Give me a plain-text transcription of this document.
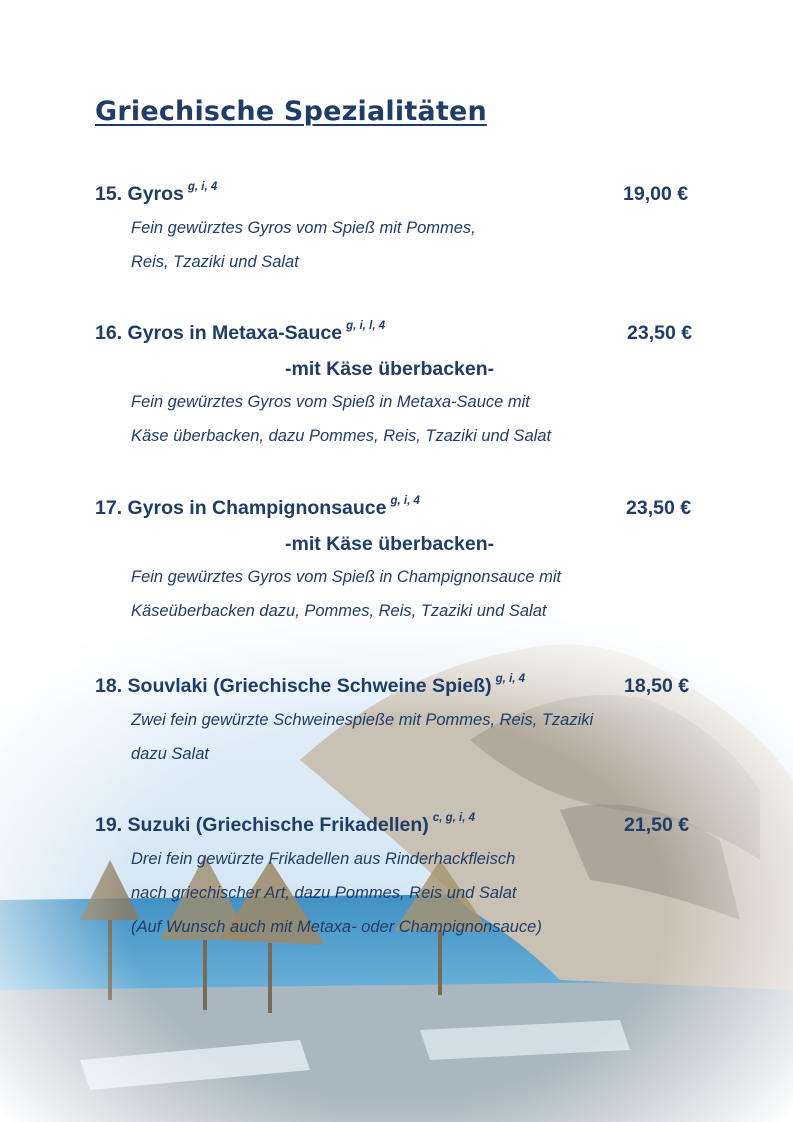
Griechische Spezialitäten
15. Gyros $^{g, i, 4}$	19,00 €

Fein gewürztes Gyros vom Spieß mit Pommes,

Reis, Tzaziki und Salat

16. Gyros in Metaxa-Sauce $^{g, i, l, 4}$	23,50 €
-mit Käse überbacken-

Fein gewürztes Gyros vom Spieß in Metaxa-Sauce mit

Käse überbacken, dazu Pommes, Reis, Tzaziki und Salat

17. Gyros in Champignonsauce $^{g, i, 4}$	23,50 €
-mit Käse überbacken-

Fein gewürztes Gyros vom Spieß in Champignonsauce mit

Käseüberbacken dazu, Pommes, Reis, Tzaziki und Salat

18. Souvlaki (Griechische Schweine Spieß) $^{g, i, 4}$	18,50 €

Zwei fein gewürzte Schweinespieße mit Pommes, Reis, Tzaziki

dazu Salat

19. Suzuki (Griechische Frikadellen) $^{c, g, i, 4}$	21,50 €

Drei fein gewürzte Frikadellen aus Rinderhackfleisch

nach griechischer Art, dazu Pommes, Reis und Salat

(Auf Wunsch auch mit Metaxa- oder Champignonsauce)
